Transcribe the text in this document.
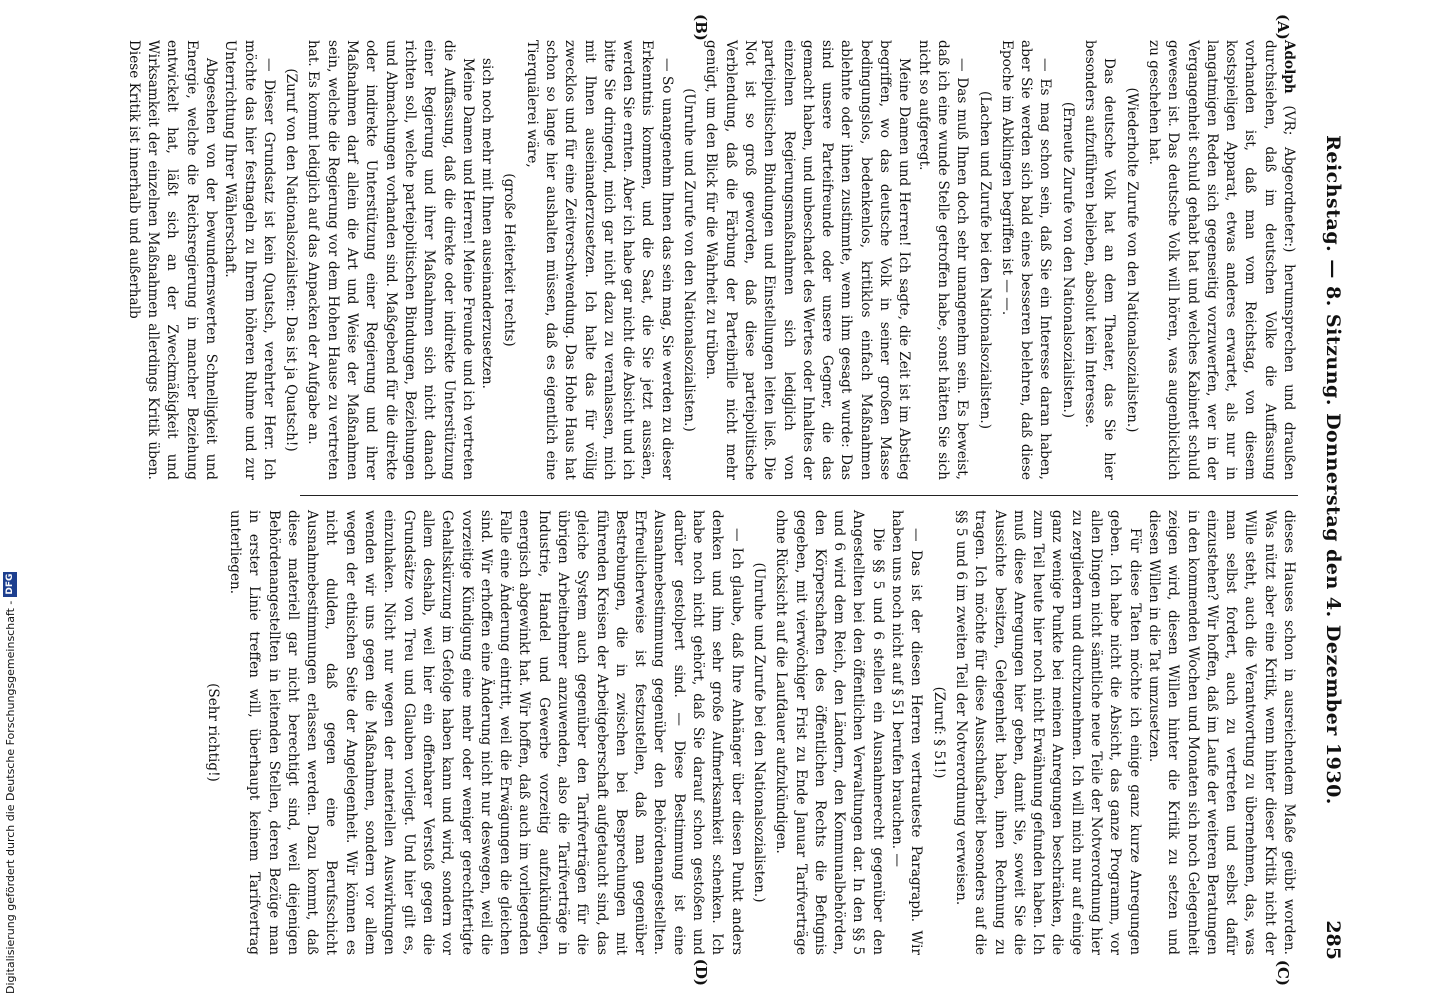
Reichstag. — 8. Sitzung. Donnerstag den 4. Dezember 1930.
285
(A)
(B)
(C)
(D)

Adolph (VR; Abgeordneter:) herumsprechen und draußen durchsiehen, daß im deutschen Volke die Auffassung vorhanden ist, daß man vom Reichstag, von diesem kostspieligen Apparat, etwas anderes erwartet, als nur in langatmigen Reden sich gegenseitig vorzuwerfen, wer in der Vergangenheit schuld gehabt hat und welches Kabinett schuld gewesen ist. Das deutsche Volk will hören, was augenblicklich zu geschehen hat.

(Wiederholte Zurufe von den Nationalsozialisten.)

Das deutsche Volk hat an dem Theater, das Sie hier besonders aufzuführen belieben, absolut kein Interesse.

(Erneute Zurufe von den Nationalsozialisten.)

— Es mag schon sein, daß Sie ein Interesse daran haben, aber Sie werden sich bald eines besseren belehren, daß diese Epoche im Abklingen begriffen ist — —.

(Lachen und Zurufe bei den Nationalsozialisten.)

— Das muß Ihnen doch sehr unangenehm sein. Es beweist, daß ich eine wunde Stelle getroffen habe, sonst hätten Sie sich nicht so aufgeregt.

Meine Damen und Herren! Ich sagte, die Zeit ist im Abstieg begriffen, wo das deutsche Volk in seiner großen Masse bedingungslos, bedenkenlos, kritiklos einfach Maßnahmen ablehnte oder ihnen zustimmte, wenn ihm gesagt wurde: Das sind unsere Parteifreunde oder unsere Gegner, die das gemacht haben, und unbeschadet des Wertes oder Inhaltes der einzelnen Regierungsmaßnahmen sich lediglich von parteipolitischen Bindungen und Einstellungen leiten ließ. Die Not ist so groß geworden, daß diese parteipolitische Verblendung, daß die Färbung der Parteibrille nicht mehr genügt, um den Blick für die Wahrheit zu trüben.

(Unruhe und Zurufe von den Nationalsozialisten.)

— So unangenehm Ihnen das sein mag, Sie werden zu dieser Erkenntnis kommen, und die Saat, die Sie jetzt aussäen, werden Sie ernten. Aber ich habe gar nicht die Absicht und ich bitte Sie dringend, mich gar nicht dazu zu veranlassen, mich mit Ihnen auseinanderzusetzen. Ich halte das für völlig zwecklos und für eine Zeitverschwendung. Das Hohe Haus hat schon so lange hier aushalten müssen, daß es eigentlich eine Tierquälerei wäre,

(große Heiterkeit rechts)

sich noch mehr mit Ihnen auseinanderzusetzen.

Meine Damen und Herren! Meine Freunde und ich vertreten die Auffassung, daß die direkte oder indirekte Unterstützung einer Regierung und ihrer Maßnahmen sich nicht danach richten soll, welche parteipolitischen Bindungen, Beziehungen und Abmachungen vorhanden sind. Maßgebend für die direkte oder indirekte Unterstützung einer Regierung und ihrer Maßnahmen darf allein die Art und Weise der Maßnahmen sein, welche die Regierung vor dem Hohen Hause zu vertreten hat. Es kommt lediglich auf das Anpacken der Aufgabe an.

(Zuruf von den Nationalsozialisten: Das ist ja Quatsch!)

— Dieser Grundsatz ist kein Quatsch, verehrter Herr. Ich möchte das hier festnageln zu Ihrem höheren Ruhme und zur Unterrichtung Ihrer Wählerschaft.

Abgesehen von der bewundernswerten Schnelligkeit und Energie, welche die Reichsregierung in mancher Beziehung entwickelt hat, läßt sich an der Zweckmäßigkeit und Wirksamkeit der einzelnen Maßnahmen allerdings Kritik üben. Diese Kritik ist innerhalb und außerhalb

dieses Hauses schon in ausreichendem Maße geübt worden. Was nützt aber eine Kritik, wenn hinter dieser Kritik nicht der Wille steht, auch die Verantwortung zu übernehmen, das, was man selbst fordert, auch zu vertreten und selbst dafür einzustehen? Wir hoffen, daß im Laufe der weiteren Beratungen in den kommenden Wochen und Monaten sich noch Gelegenheit zeigen wird, diesen Willen hinter die Kritik zu setzen und diesen Willen in die Tat umzusetzen.

Für diese Taten möchte ich einige ganz kurze Anregungen geben. Ich habe nicht die Absicht, das ganze Programm, vor allen Dingen nicht sämtliche neue Teile der Notverordnung hier zu zergliedern und durchzunehmen. Ich will mich nur auf einige ganz wenige Punkte bei meinen Anregungen beschränken, die zum Teil heute hier noch nicht Erwähnung gefunden haben. Ich muß diese Anregungen hier geben, damit Sie, soweit Sie die Aussichte besitzen, Gelegenheit haben, ihnen Rechnung zu tragen. Ich möchte für diese Ausschußarbeit besonders auf die §§ 5 und 6 im zweiten Teil der Notverordnung verweisen.

(Zuruf: § 51!)

— Das ist der diesen Herren vertrauteste Paragraph. Wir haben uns noch nicht auf § 51 berufen brauchen. —

Die §§ 5 und 6 stellen ein Ausnahmerecht gegenüber den Angestellten bei den öffentlichen Verwaltungen dar. In den §§ 5 und 6 wird dem Reich, den Ländern, den Kommunalbehörden, den Körperschaften des öffentlichen Rechts die Befugnis gegeben, mit vierwöchiger Frist zu Ende Januar Tarifverträge ohne Rücksicht auf die Laufdauer aufzukündigen.

(Unruhe und Zurufe bei den Nationalsozialisten.)

— Ich glaube, daß Ihre Anhänger über diesen Punkt anders denken und ihm sehr große Aufmerksamkeit schenken. Ich habe noch nicht gehört, daß Sie darauf schon gestoßen und darüber gestolpert sind. — Diese Bestimmung ist eine Ausnahmebestimmung gegenüber den Behördenangestellten. Erfreulicherweise ist festzustellen, daß man gegenüber Bestrebungen, die in zwischen bei Besprechungen mit führenden Kreisen der Arbeitgeberschaft aufgetaucht sind, das gleiche System auch gegenüber den Tarifverträgen für die übrigen Arbeitnehmer anzuwenden, also die Tarifverträge in Industrie, Handel und Gewerbe vorzeitig aufzukündigen, energisch abgewinkt hat. Wir hoffen, daß auch im vorliegenden Falle eine Änderung eintritt, weil die Erwägungen die gleichen sind. Wir erhoffen eine Änderung nicht nur deswegen, weil die vorzeitige Kündigung eine mehr oder weniger gerechtfertigte Gehaltskürzung im Gefolge haben kann und wird, sondern vor allem deshalb, weil hier ein offenbarer Verstoß gegen die Grundsätze von Treu und Glauben vorliegt. Und hier gilt es, einzuhaken. Nicht nur wegen der materiellen Auswirkungen wenden wir uns gegen die Maßnahmen, sondern vor allem wegen der ethischen Seite der Angelegenheit. Wir können es nicht dulden, daß gegen eine Berufsschicht Ausnahmebestimmungen erlassen werden. Dazu kommt, daß diese materiell gar nicht berechtigt sind, weil diejenigen Behördenangestellten in leitenden Stellen, deren Bezüge man in erster Linie treffen will, überhaupt keinem Tarifvertrag unterliegen.

(Sehr richtig!)

Digitalisierung gefördert durch die Deutsche Forschungsgemeinschaft -
DFG
